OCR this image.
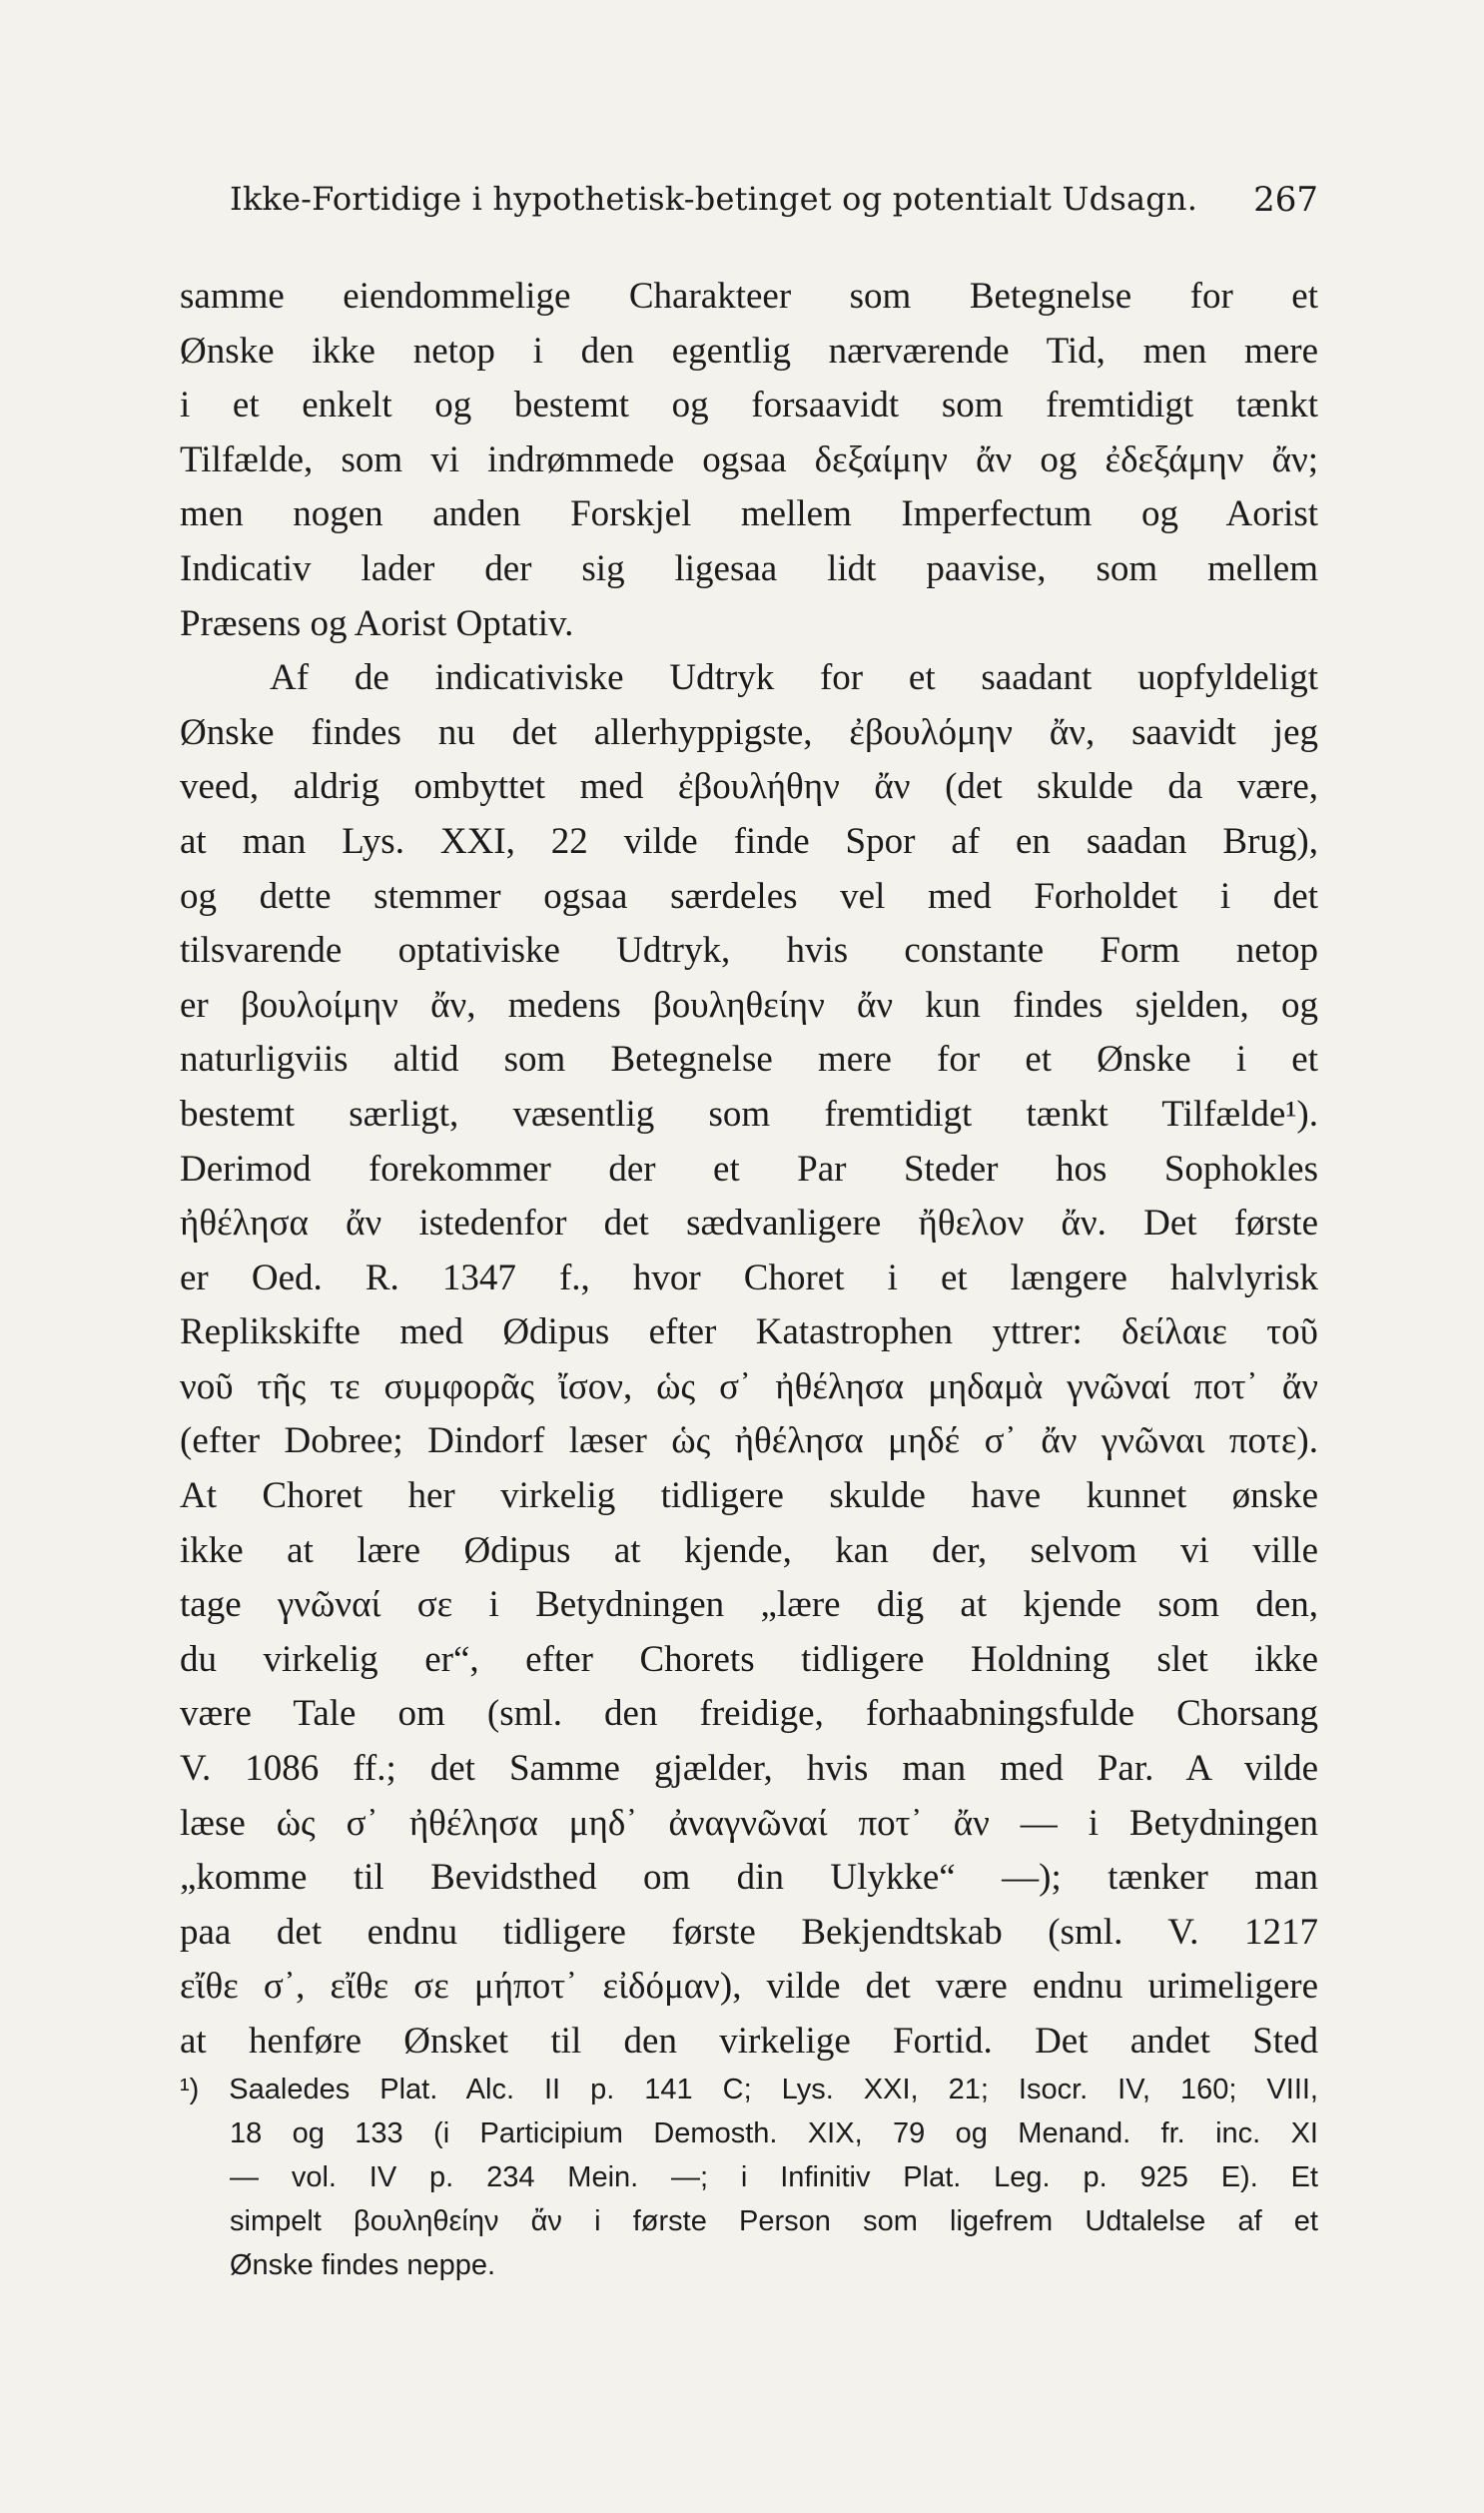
Ikke-Fortidige i hypothetisk-betinget og potentialt Udsagn. 267
samme eiendommelige Charakteer som Betegnelse for et
Ønske ikke netop i den egentlig nærværende Tid, men mere
i et enkelt og bestemt og forsaavidt som fremtidigt tænkt
Tilfælde, som vi indrømmede ogsaa δεξαίμην ἄν og ἐδεξάμην ἄν;
men nogen anden Forskjel mellem Imperfectum og Aorist
Indicativ lader der sig ligesaa lidt paavise, som mellem
Præsens og Aorist Optativ.
Af de indicativiske Udtryk for et saadant uopfyldeligt
Ønske findes nu det allerhyppigste, ἐβουλόμην ἄν, saavidt jeg
veed, aldrig ombyttet med ἐβουλήθην ἄν (det skulde da være,
at man Lys. XXI, 22 vilde finde Spor af en saadan Brug),
og dette stemmer ogsaa særdeles vel med Forholdet i det
tilsvarende optativiske Udtryk, hvis constante Form netop
er βουλοίμην ἄν, medens βουληθείην ἄν kun findes sjelden, og
naturligviis altid som Betegnelse mere for et Ønske i et
bestemt særligt, væsentlig som fremtidigt tænkt Tilfælde¹).
Derimod forekommer der et Par Steder hos Sophokles
ἠθέλησα ἄν istedenfor det sædvanligere ἤθελον ἄν. Det første
er Oed. R. 1347 f., hvor Choret i et længere halvlyrisk
Replikskifte med Ødipus efter Katastrophen yttrer: δείλαιε τοῦ
νοῦ τῆς τε συμφορᾶς ἴσον, ὡς σ᾽ ἠθέλησα μηδαμὰ γνῶναί ποτ᾽ ἄν
(efter Dobree; Dindorf læser ὡς ἠθέλησα μηδέ σ᾽ ἄν γνῶναι ποτε).
At Choret her virkelig tidligere skulde have kunnet ønske
ikke at lære Ødipus at kjende, kan der, selvom vi ville
tage γνῶναί σε i Betydningen „lære dig at kjende som den,
du virkelig er“, efter Chorets tidligere Holdning slet ikke
være Tale om (sml. den freidige, forhaabningsfulde Chorsang
V. 1086 ff.; det Samme gjælder, hvis man med Par. A vilde
læse ὡς σ᾽ ἠθέλησα μηδ᾽ ἀναγνῶναί ποτ᾽ ἄν — i Betydningen
„komme til Bevidsthed om din Ulykke“ —); tænker man
paa det endnu tidligere første Bekjendtskab (sml. V. 1217
εἴθε σ᾽, εἴθε σε μήποτ᾽ εἰδόμαν), vilde det være endnu urimeligere
at henføre Ønsket til den virkelige Fortid. Det andet Sted
¹) Saaledes Plat. Alc. II p. 141 C; Lys. XXI, 21; Isocr. IV, 160; VIII,
18 og 133 (i Participium Demosth. XIX, 79 og Menand. fr. inc. XI
— vol. IV p. 234 Mein. —; i Infinitiv Plat. Leg. p. 925 E). Et
simpelt βουληθείην ἄν i første Person som ligefrem Udtalelse af et
Ønske findes neppe.
